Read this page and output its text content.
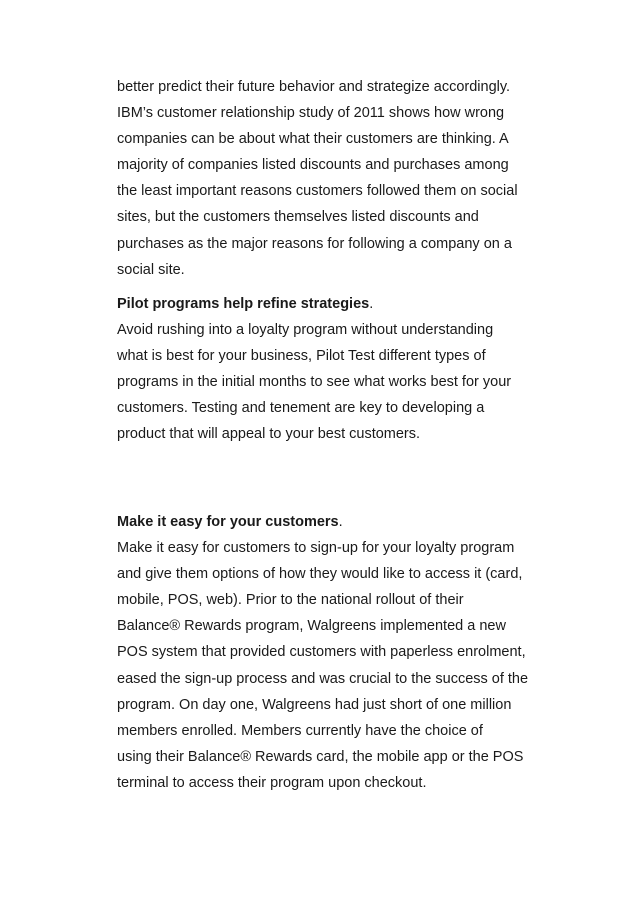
better predict their future behavior and strategize accordingly.
IBM’s customer relationship study of 2011 shows how wrong
companies can be about what their customers are thinking. A
majority of companies listed discounts and purchases among
the least important reasons customers followed them on social
sites, but the customers themselves listed discounts and
purchases as the major reasons for following a company on a
social site.
Pilot programs help refine strategies.
Avoid rushing into a loyalty program without understanding
what is best for your business, Pilot Test different types of
programs in the initial months to see what works best for your
customers. Testing and tenement are key to developing a
product that will appeal to your best customers.
Make it easy for your customers.
Make it easy for customers to sign-up for your loyalty program
and give them options of how they would like to access it (card,
mobile, POS, web). Prior to the national rollout of their
Balance® Rewards program, Walgreens implemented a new
POS system that provided customers with paperless enrolment,
eased the sign-up process and was crucial to the success of the
program. On day one, Walgreens had just short of one million
members enrolled. Members currently have the choice of
using their Balance® Rewards card, the mobile app or the POS
terminal to access their program upon checkout.
